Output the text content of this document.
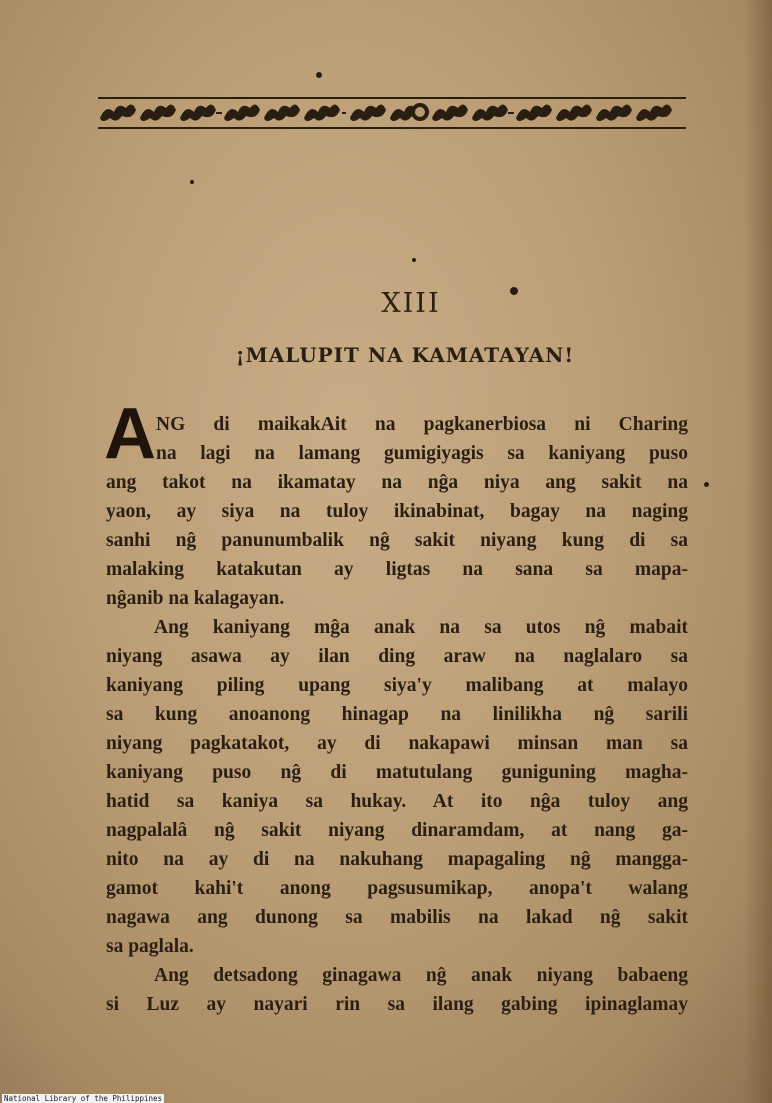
XIII
¡MALUPIT NA KAMATAYAN!
A NG di maikakAit na pagkanerbiosa ni Charing
na lagi na lamang gumigiyagis sa kaniyang puso
ang takot na ikamatay na nĝa niya ang sakit na
yaon, ay siya na tuloy ikinabinat, bagay na naging
sanhi nĝ panunumbalik nĝ sakit niyang kung di sa
malaking katakutan ay ligtas na sana sa mapa-
nĝanib na kalagayan.
Ang kaniyang mĝa anak na sa utos nĝ mabait
niyang asawa ay ilan ding araw na naglalaro sa
kaniyang piling upang siya'y malibang at malayo
sa kung anoanong hinagap na linilikha nĝ sarili
niyang pagkatakot, ay di nakapawi minsan man sa
kaniyang puso nĝ di matutulang guniguning magha-
hatid sa kaniya sa hukay. At ito nĝa tuloy ang
nagpalalâ nĝ sakit niyang dinaramdam, at nang ga-
nito na ay di na nakuhang mapagaling nĝ mangga-
gamot kahi't anong pagsusumikap, anopa't walang
nagawa ang dunong sa mabilis na lakad nĝ sakit
sa paglala.
Ang detsadong ginagawa nĝ anak niyang babaeng
si Luz ay nayari rin sa ilang gabing ipinaglamay
National Library of the Philippines
